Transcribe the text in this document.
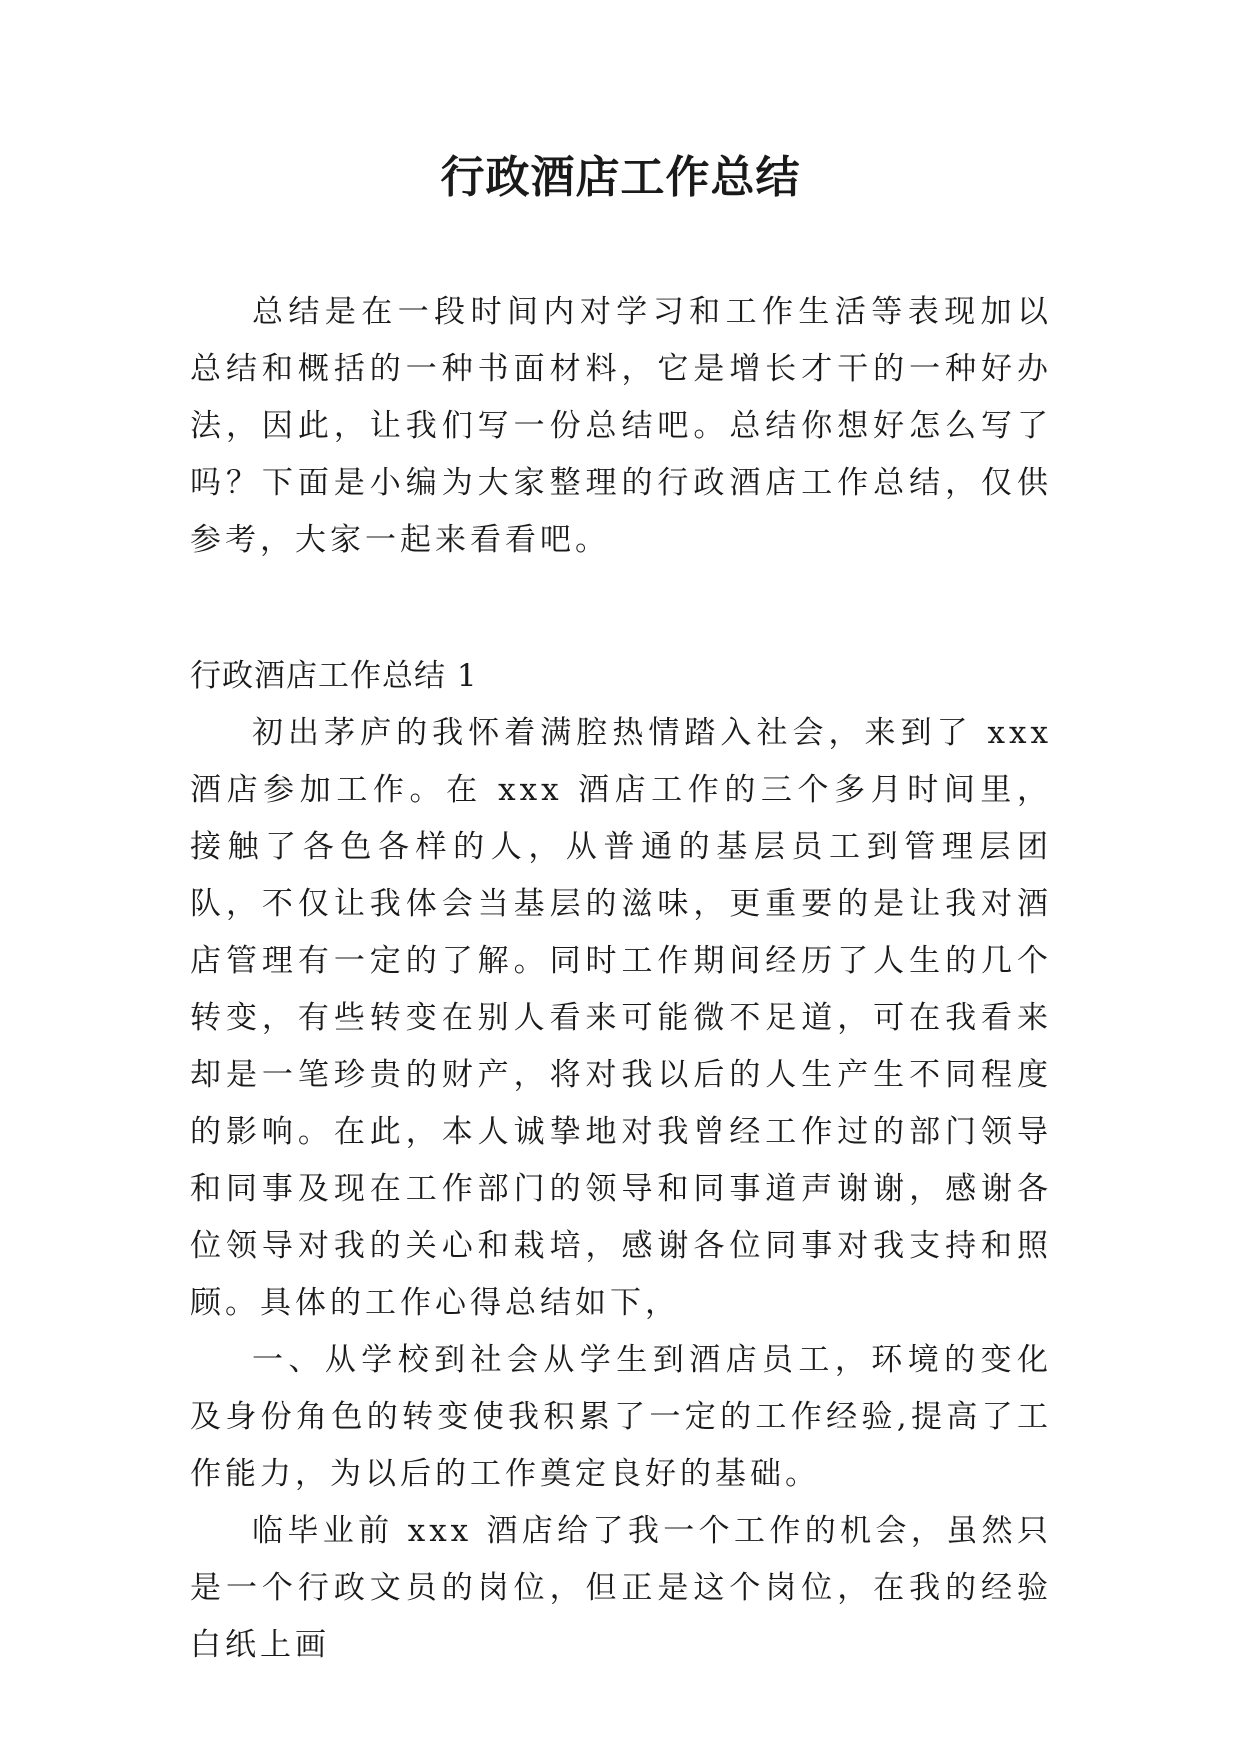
行政酒店工作总结

总结是在一段时间内对学习和工作生活等表现加以总结和概括的一种书面材料，它是增长才干的一种好办法，因此，让我们写一份总结吧。总结你想好怎么写了吗？下面是小编为大家整理的行政酒店工作总结，仅供参考，大家一起来看看吧。

行政酒店工作总结 1

初出茅庐的我怀着满腔热情踏入社会，来到了 xxx 酒店参加工作。在 xxx 酒店工作的三个多月时间里，接触了各色各样的人，从普通的基层员工到管理层团队，不仅让我体会当基层的滋味，更重要的是让我对酒店管理有一定的了解。同时工作期间经历了人生的几个转变，有些转变在别人看来可能微不足道，可在我看来却是一笔珍贵的财产，将对我以后的人生产生不同程度的影响。在此，本人诚挚地对我曾经工作过的部门领导和同事及现在工作部门的领导和同事道声谢谢，感谢各位领导对我的关心和栽培，感谢各位同事对我支持和照顾。具体的工作心得总结如下，

一、从学校到社会从学生到酒店员工，环境的变化及身份角色的转变使我积累了一定的工作经验,提高了工作能力，为以后的工作奠定良好的基础。

临毕业前 xxx 酒店给了我一个工作的机会，虽然只是一个行政文员的岗位，但正是这个岗位，在我的经验白纸上画
